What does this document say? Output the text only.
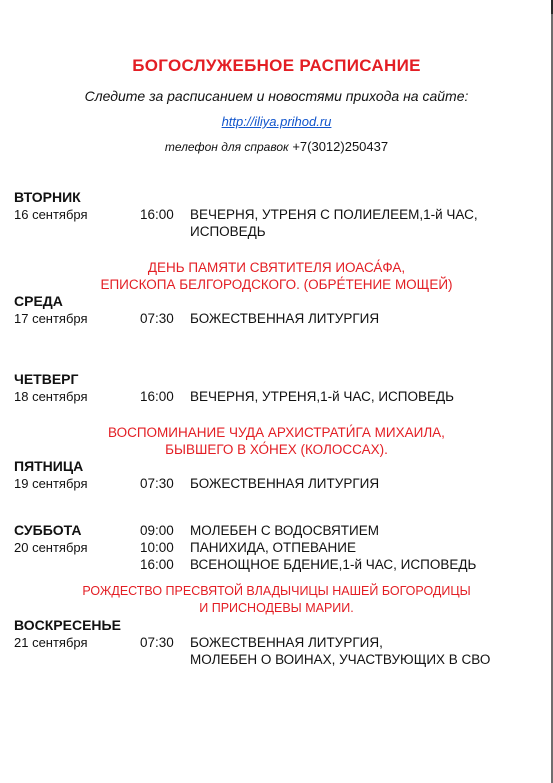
БОГОСЛУЖЕБНОЕ РАСПИСАНИЕ
Следите за расписанием и новостями прихода на сайте:
http://iliya.prihod.ru
телефон для справок +7(3012)250437
ВТОРНИК
16 сентября	16:00 ВЕЧЕРНЯ, УТРЕНЯ С ПОЛИЕЛЕЕМ,1-й ЧАС,
ИСПОВЕДЬ
ДЕНЬ ПАМЯТИ СВЯТИТЕЛЯ ИОАСА́ФА,
ЕПИСКОПА БЕЛГОРОДСКОГО. (ОБРЕ́ТЕНИЕ МОЩЕЙ)
СРЕДА
17 сентября	07:30 БОЖЕСТВЕННАЯ ЛИТУРГИЯ
ЧЕТВЕРГ
18 сентября	16:00 ВЕЧЕРНЯ, УТРЕНЯ,1-й ЧАС, ИСПОВЕДЬ
ВОСПОМИНАНИЕ ЧУДА АРХИСТРАТИ́ГА МИХАИЛА,
БЫВШЕГО В ХО́НЕХ (КОЛОССАХ).
ПЯТНИЦА
19 сентября	07:30 БОЖЕСТВЕННАЯ ЛИТУРГИЯ
СУББОТА	09:00 МОЛЕБЕН С ВОДОСВЯТИЕМ
20 сентября	10:00 ПАНИХИДА, ОТПЕВАНИЕ
16:00 ВСЕНОЩНОЕ БДЕНИЕ,1-й ЧАС, ИСПОВЕДЬ
РОЖДЕСТВО ПРЕСВЯТОЙ ВЛАДЫЧИЦЫ НАШЕЙ БОГОРОДИЦЫ
И ПРИСНОДЕВЫ МАРИИ.
ВОСКРЕСЕНЬЕ
21 сентября	07:30 БОЖЕСТВЕННАЯ ЛИТУРГИЯ,
МОЛЕБЕН О ВОИНАХ, УЧАСТВУЮЩИХ В СВО
